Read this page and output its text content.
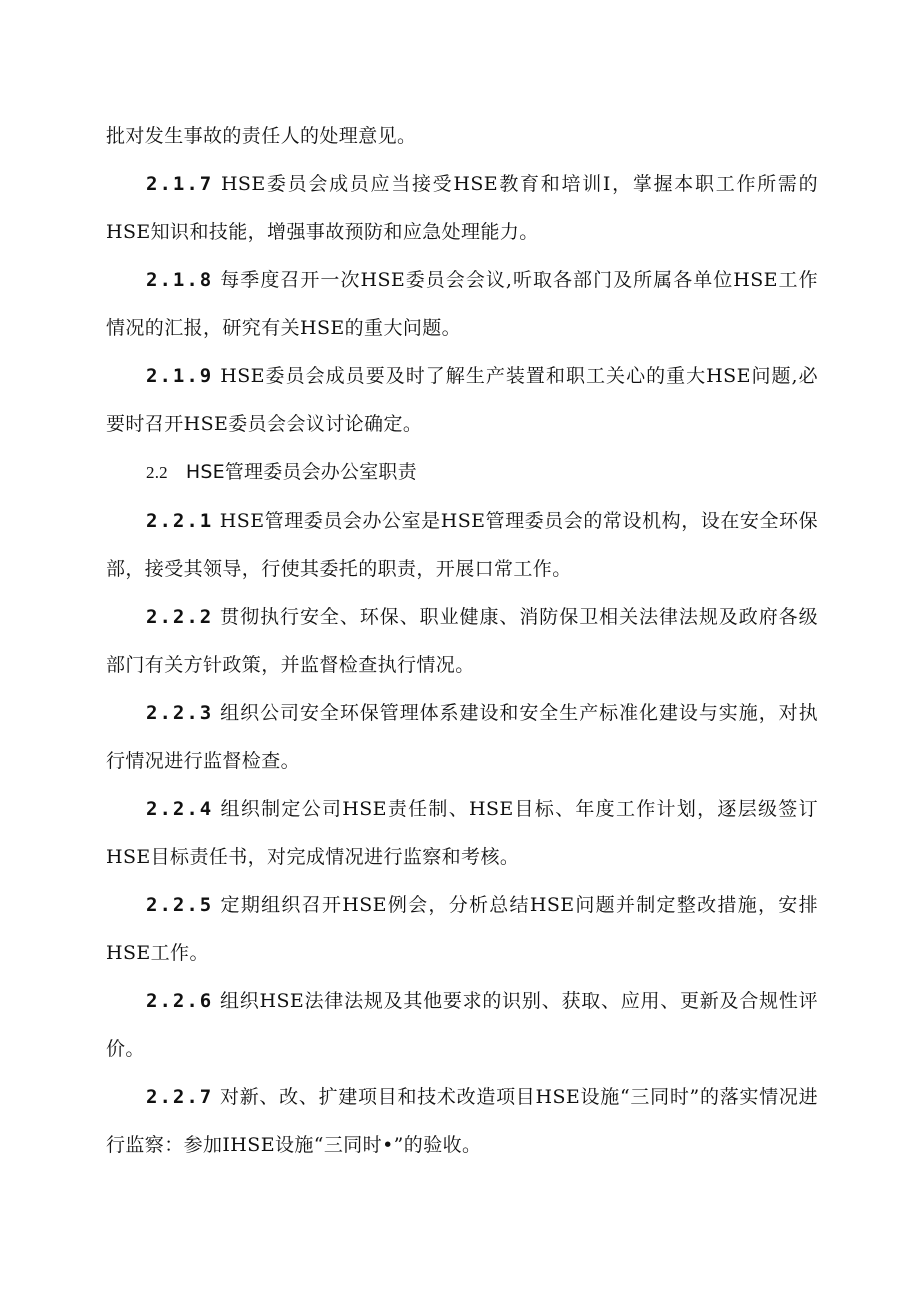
批对发生事故的责任人的处理意见。

2.1.7 HSE委员会成员应当接受HSE教育和培训I，掌握本职工作所需的HSE知识和技能，增强事故预防和应急处理能力。

2.1.8 每季度召开一次HSE委员会会议,听取各部门及所属各单位HSE工作情况的汇报，研究有关HSE的重大问题。

2.1.9 HSE委员会成员要及时了解生产装置和职工关心的重大HSE问题,必要时召开HSE委员会会议讨论确定。

2.2 HSE管理委员会办公室职责

2.2.1 HSE管理委员会办公室是HSE管理委员会的常设机构，设在安全环保部，接受其领导，行使其委托的职责，开展口常工作。

2.2.2 贯彻执行安全、环保、职业健康、消防保卫相关法律法规及政府各级部门有关方针政策，并监督检查执行情况。

2.2.3 组织公司安全环保管理体系建设和安全生产标准化建设与实施，对执行情况进行监督检查。

2.2.4 组织制定公司HSE责任制、HSE目标、年度工作计划，逐层级签订HSE目标责任书，对完成情况进行监察和考核。

2.2.5 定期组织召开HSE例会，分析总结HSE问题并制定整改措施，安排HSE工作。

2.2.6 组织HSE法律法规及其他要求的识别、获取、应用、更新及合规性评价。

2.2.7 对新、改、扩建项目和技术改造项目HSE设施“三同时”的落实情况进行监察：参加IHSE设施“三同时•”的验收。
